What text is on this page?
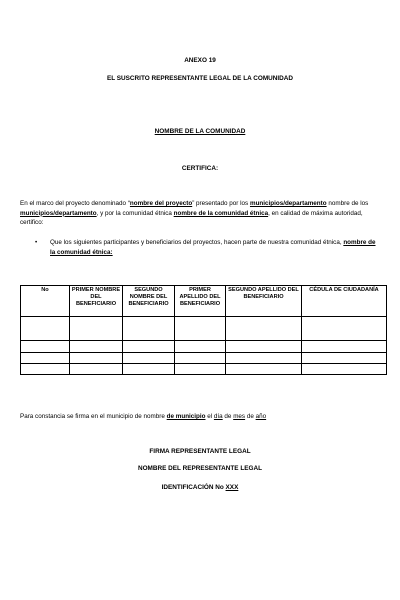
ANEXO 19
EL SUSCRITO REPRESENTANTE LEGAL DE LA COMUNIDAD
NOMBRE DE LA COMUNIDAD
CERTIFICA:
En el marco del proyecto denominado “nombre del proyecto” presentado por los municipios/departamento nombre de los municipios/departamento, y por la comunidad étnica nombre de la comunidad étnica, en calidad de máxima autoridad, certifico:
• Que los siguientes participantes y beneficiarios del proyectos, hacen parte de nuestra comunidad étnica, nombre de la comunidad étnica:
No	PRIMER NOMBRE DEL BENEFICIARIO	SEGUNDO NOMBRE DEL BENEFICIARIO	PRIMER APELLIDO DEL BENEFICIARIO	SEGUNDO APELLIDO DEL BENEFICIARIO	CÉDULA DE CIUDADANÍA

Para constancia se firma en el municipio de nombre de municipio el día de mes de año
FIRMA REPRESENTANTE LEGAL
NOMBRE DEL REPRESENTANTE LEGAL
IDENTIFICACIÓN No XXX
